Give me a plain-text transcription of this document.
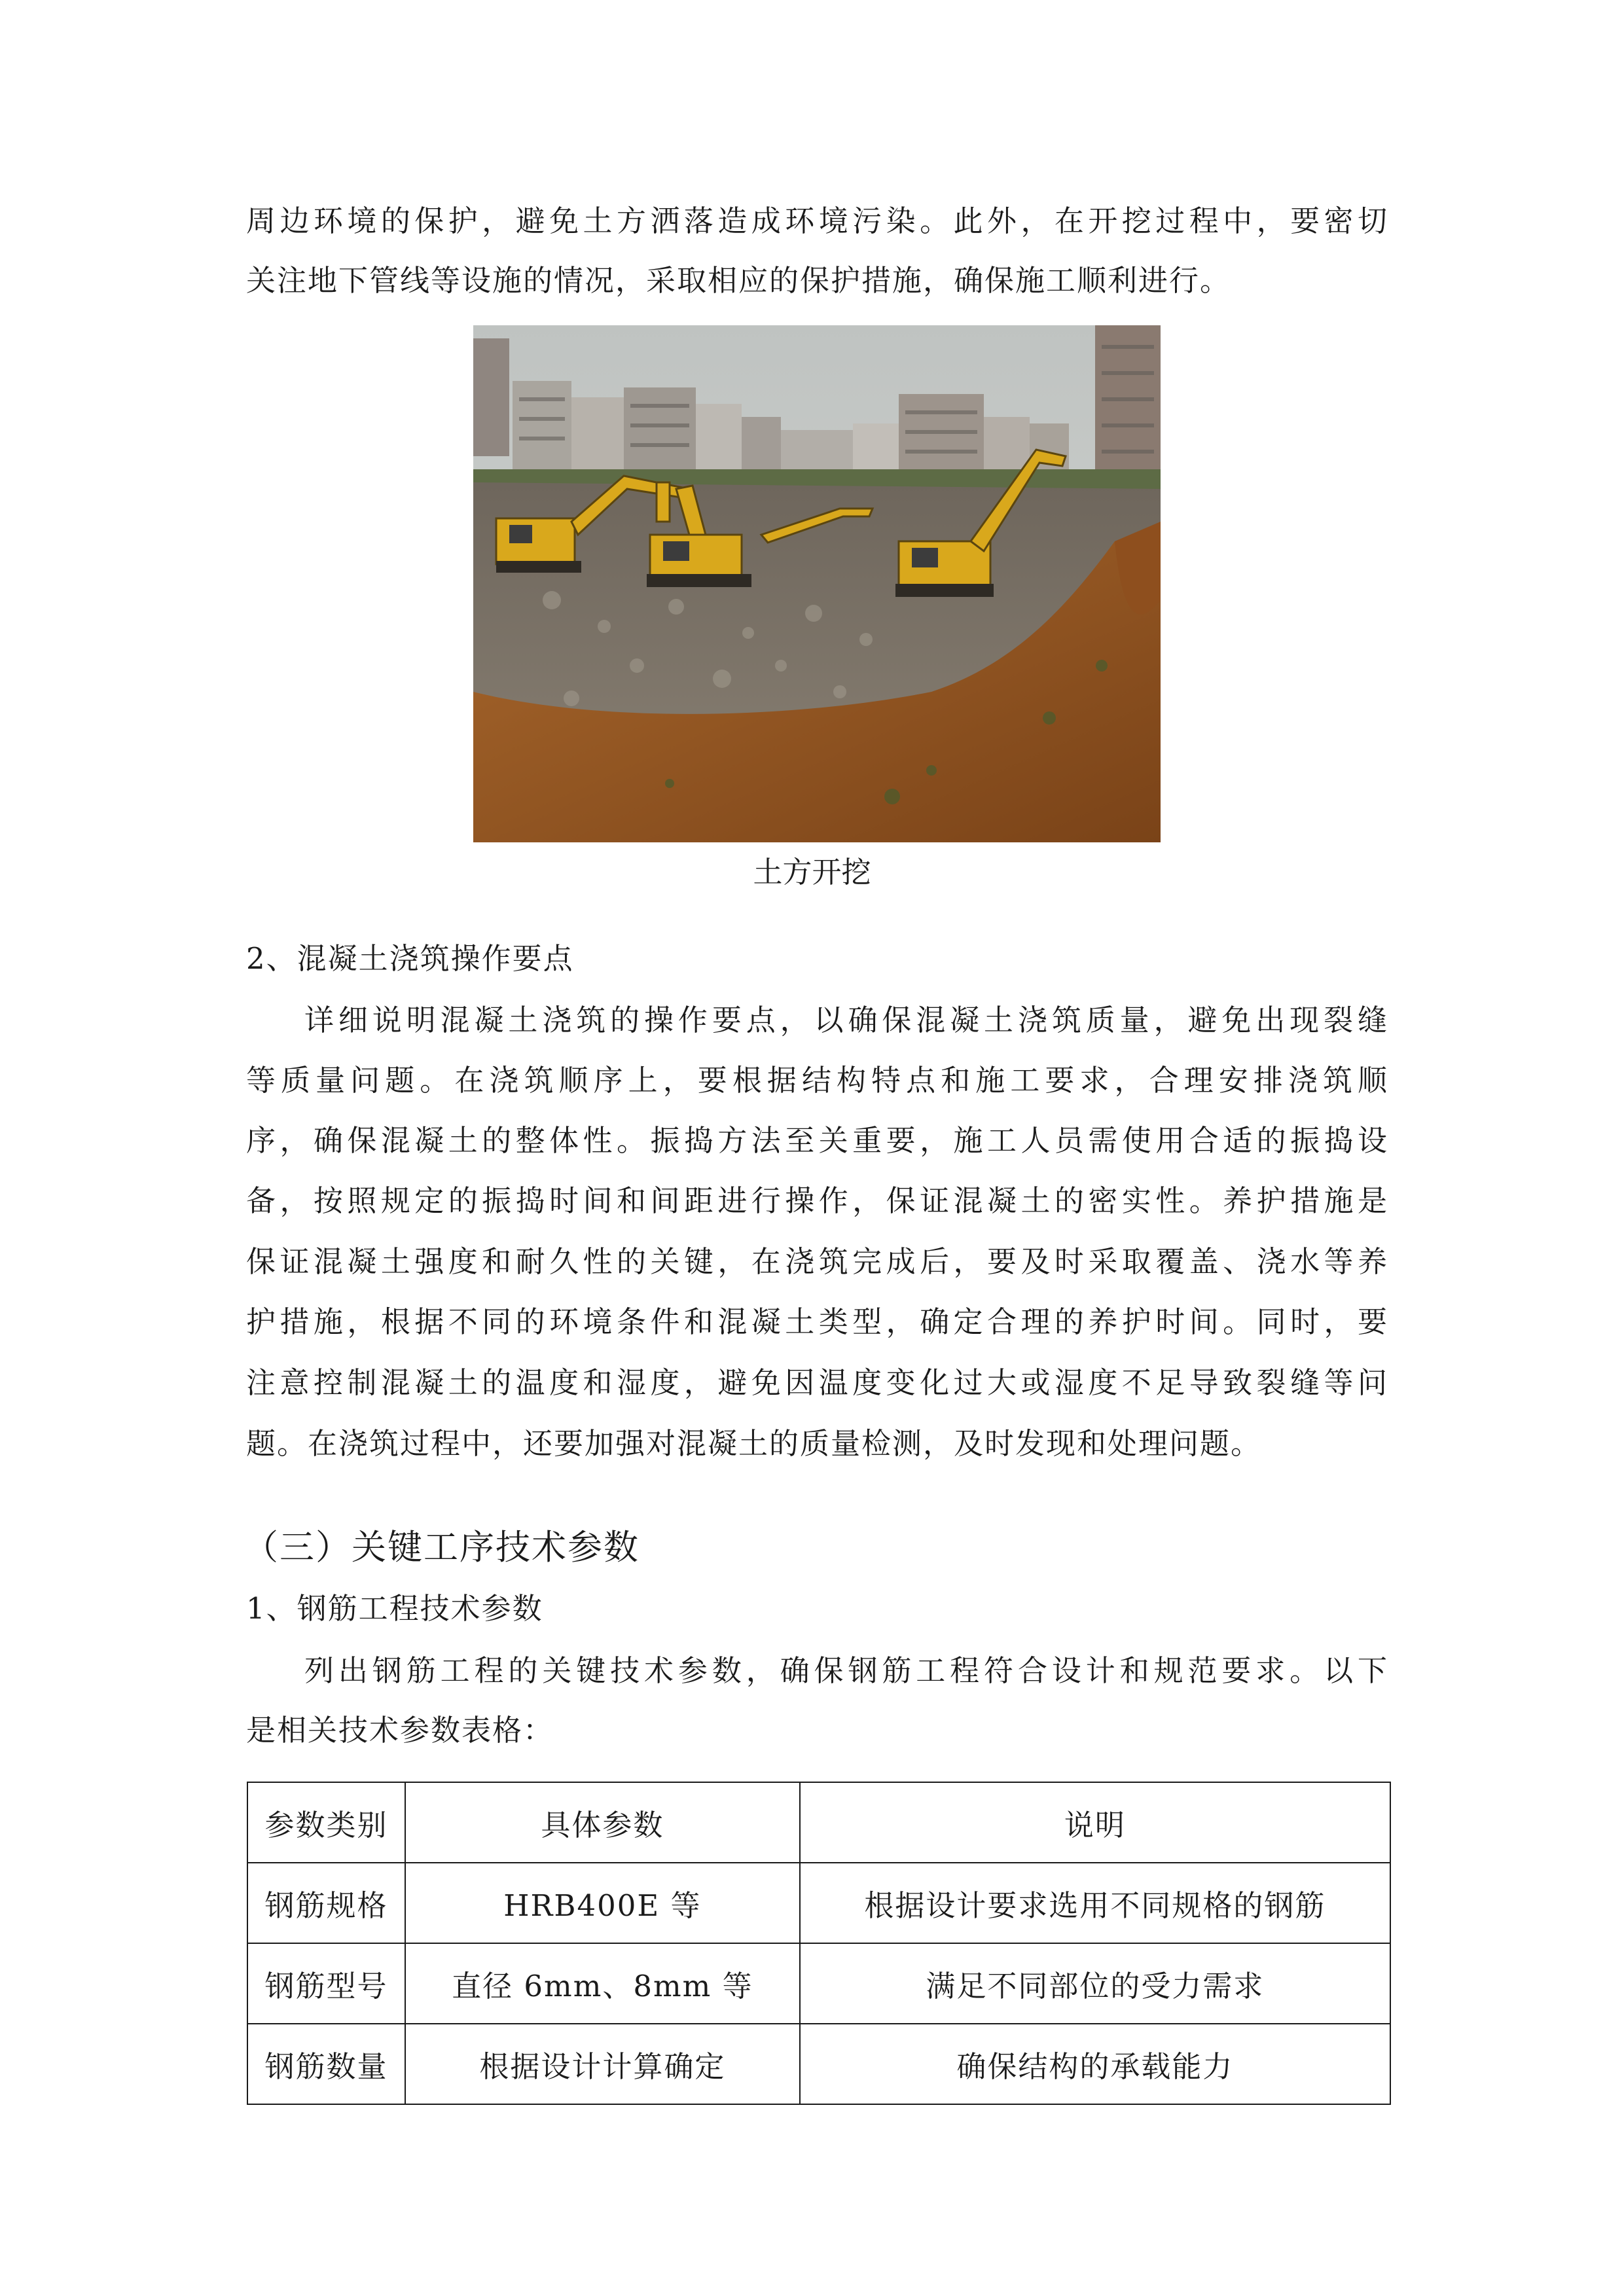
周边环境的保护，避免土方洒落造成环境污染。此外，在开挖过程中，要密切
关注地下管线等设施的情况，采取相应的保护措施，确保施工顺利进行。
土方开挖
2、混凝土浇筑操作要点
详细说明混凝土浇筑的操作要点，以确保混凝土浇筑质量，避免出现裂缝
等质量问题。在浇筑顺序上，要根据结构特点和施工要求，合理安排浇筑顺
序，确保混凝土的整体性。振捣方法至关重要，施工人员需使用合适的振捣设
备，按照规定的振捣时间和间距进行操作，保证混凝土的密实性。养护措施是
保证混凝土强度和耐久性的关键，在浇筑完成后，要及时采取覆盖、浇水等养
护措施，根据不同的环境条件和混凝土类型，确定合理的养护时间。同时，要
注意控制混凝土的温度和湿度，避免因温度变化过大或湿度不足导致裂缝等问
题。在浇筑过程中，还要加强对混凝土的质量检测，及时发现和处理问题。
（三）关键工序技术参数
1、钢筋工程技术参数
列出钢筋工程的关键技术参数，确保钢筋工程符合设计和规范要求。以下
是相关技术参数表格：
参数类别	具体参数	说明
钢筋规格	HRB400E 等	根据设计要求选用不同规格的钢筋
钢筋型号	直径 6mm、8mm 等	满足不同部位的受力需求
钢筋数量	根据设计计算确定	确保结构的承载能力
